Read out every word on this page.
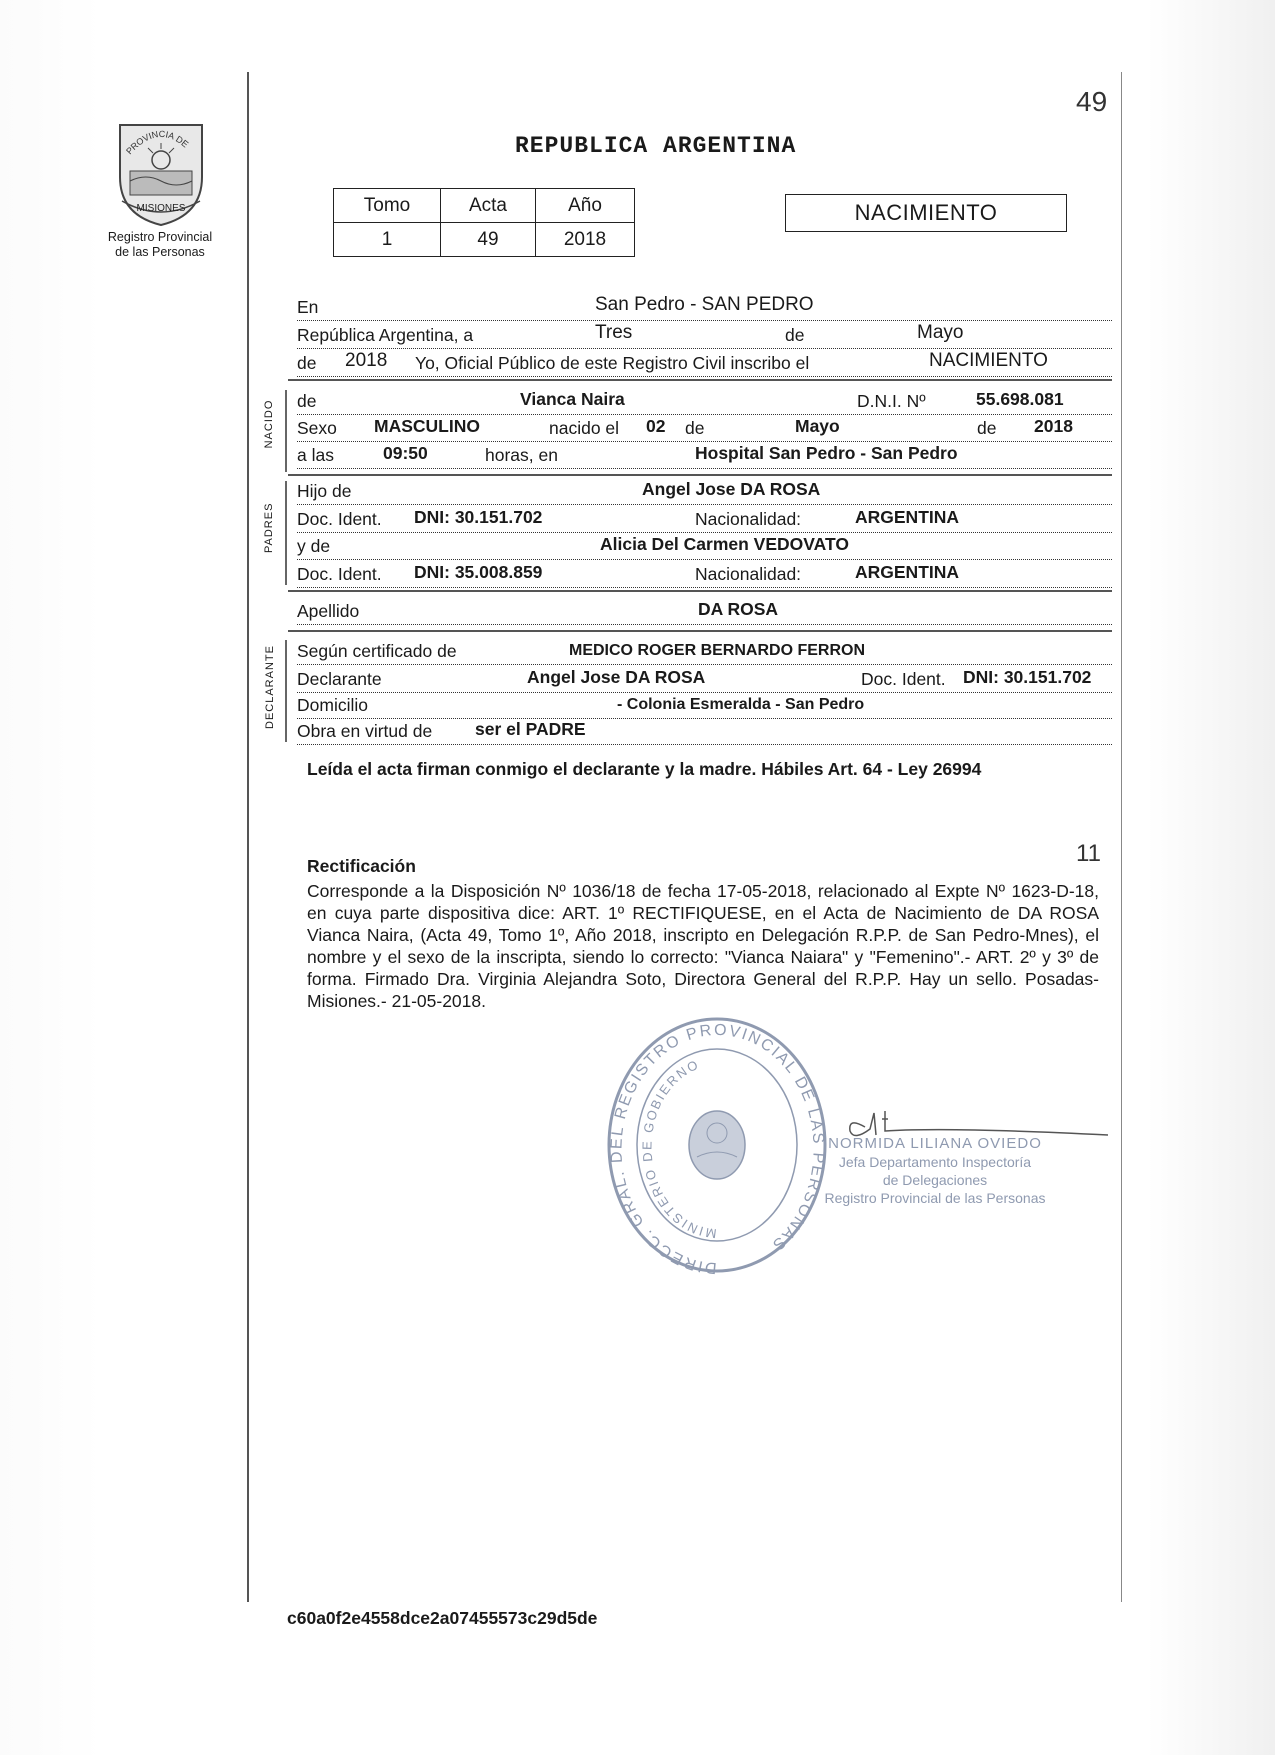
PROVINCIA DE
MISIONES
Registro Provincial
de las Personas
49
REPUBLICA ARGENTINA
Tomo	Acta	Año
1	49	2018
NACIMIENTO
En	San Pedro - SAN PEDRO
República Argentina, a	Tres	de	Mayo
de 2018 Yo, Oficial Público de este Registro Civil inscribo el	NACIMIENTO
NACIDO de	Vianca Naira	D.N.I. Nº	55.698.081
Sexo MASCULINO	nacido el 02 de	Mayo	de 2018
a las	09:50	horas, en	Hospital San Pedro - San Pedro
PADRES
Hijo de	Angel Jose DA ROSA
Doc. Ident. DNI: 30.151.702	Nacionalidad:	ARGENTINA
y de	Alicia Del Carmen VEDOVATO
Doc. Ident. DNI: 35.008.859	Nacionalidad:	ARGENTINA
Apellido	DA ROSA
DECLARANTE Según certificado de	MEDICO ROGER BERNARDO FERRON
Declarante	Angel Jose DA ROSA	Doc. Ident. DNI: 30.151.702
Domicilio	- Colonia Esmeralda - San Pedro
Obra en virtud de ser el PADRE
Leída el acta firman conmigo el declarante y la madre. Hábiles Art. 64 - Ley 26994
11
Rectificación
Corresponde a la Disposición Nº 1036/18 de fecha 17-05-2018, relacionado al Expte Nº 1623-D-18, en cuya parte dispositiva dice: ART. 1º RECTIFIQUESE, en el Acta de Nacimiento de DA ROSA Vianca Naira, (Acta 49, Tomo 1º, Año 2018, inscripto en Delegación R.P.P. de San Pedro-Mnes), el nombre y el sexo de la inscripta, siendo lo correcto: "Vianca Naiara" y "Femenino".- ART. 2º y 3º de forma. Firmado Dra. Virginia Alejandra Soto, Directora General del R.P.P. Hay un sello. Posadas- Misiones.- 21-05-2018.
DIRECC. GRAL. DEL REGISTRO PROVINCIAL DE LAS PERSONAS
MINISTERIO DE GOBIERNO
NORMIDA LILIANA OVIEDO
Jefa Departamento Inspectoría
de Delegaciones
Registro Provincial de las Personas
c60a0f2e4558dce2a07455573c29d5de
